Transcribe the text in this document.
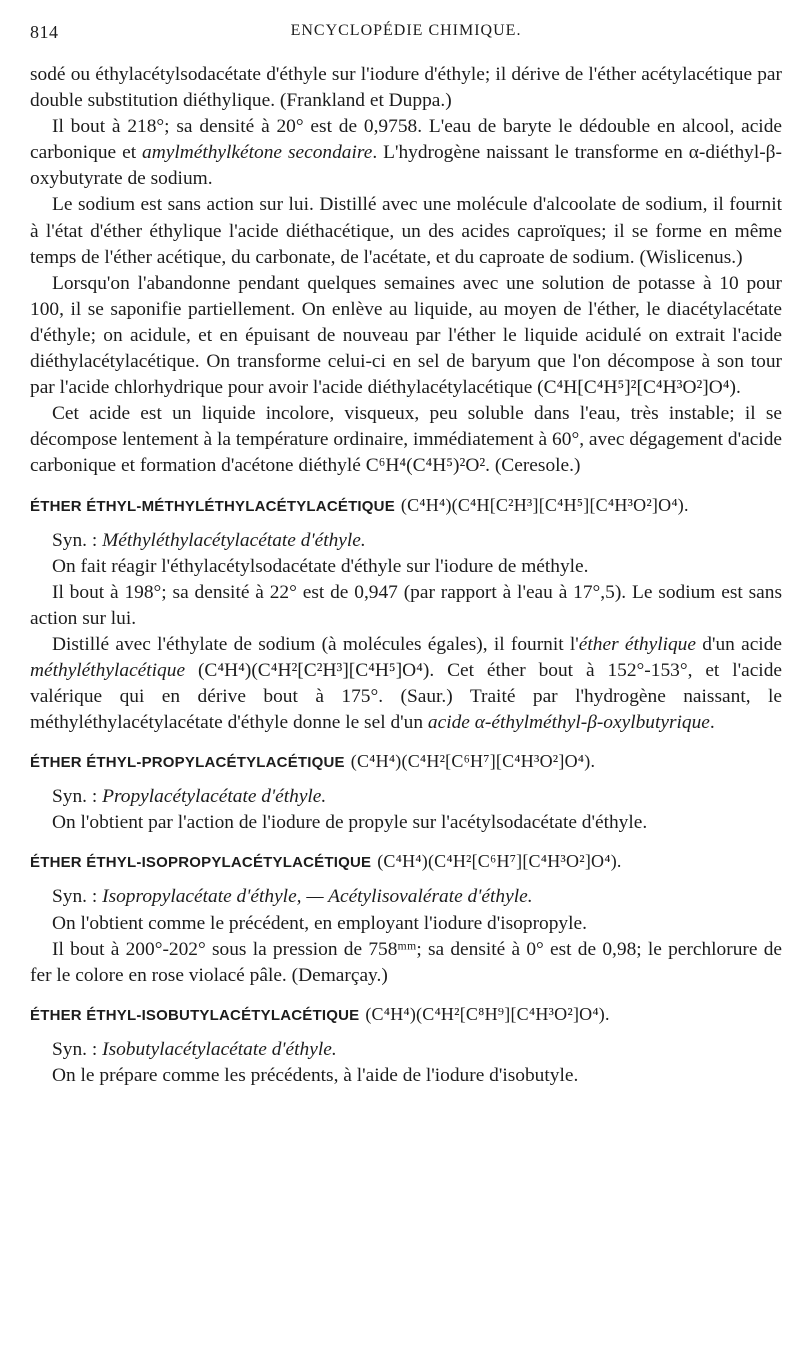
814	ENCYCLOPÉDIE CHIMIQUE.

sodé ou éthylacétylsodacétate d'éthyle sur l'iodure d'éthyle; il dérive de l'éther acétylacétique par double substitution diéthylique. (Frankland et Duppa.)

Il bout à 218°; sa densité à 20° est de 0,9758. L'eau de baryte le dédouble en alcool, acide carbonique et amylméthylkétone secondaire. L'hydrogène naissant le transforme en α-diéthyl-β-oxybutyrate de sodium.

Le sodium est sans action sur lui. Distillé avec une molécule d'alcoolate de sodium, il fournit à l'état d'éther éthylique l'acide diéthacétique, un des acides caproïques; il se forme en même temps de l'éther acétique, du carbonate, de l'acétate, et du caproate de sodium. (Wislicenus.)

Lorsqu'on l'abandonne pendant quelques semaines avec une solution de potasse à 10 pour 100, il se saponifie partiellement. On enlève au liquide, au moyen de l'éther, le diacétylacétate d'éthyle; on acidule, et en épuisant de nouveau par l'éther le liquide acidulé on extrait l'acide diéthylacétylacétique. On transforme celui-ci en sel de baryum que l'on décompose à son tour par l'acide chlorhydrique pour avoir l'acide diéthylacétylacétique (C⁴H[C⁴H⁵]²[C⁴H³O²]O⁴).

Cet acide est un liquide incolore, visqueux, peu soluble dans l'eau, très instable; il se décompose lentement à la température ordinaire, immédiatement à 60°, avec dégagement d'acide carbonique et formation d'acétone diéthylé C⁶H⁴(C⁴H⁵)²O². (Ceresole.)

ÉTHER ÉTHYL-MÉTHYLÉTHYLACÉTYLACÉTIQUE (C⁴H⁴)(C⁴H[C²H³][C⁴H⁵][C⁴H³O²]O⁴).

Syn. : Méthyléthylacétylacétate d'éthyle.

On fait réagir l'éthylacétylsodacétate d'éthyle sur l'iodure de méthyle.

Il bout à 198°; sa densité à 22° est de 0,947 (par rapport à l'eau à 17°,5). Le sodium est sans action sur lui.

Distillé avec l'éthylate de sodium (à molécules égales), il fournit l'éther éthylique d'un acide méthyléthylacétique (C⁴H⁴)(C⁴H²[C²H³][C⁴H⁵]O⁴). Cet éther bout à 152°-153°, et l'acide valérique qui en dérive bout à 175°. (Saur.) Traité par l'hydrogène naissant, le méthyléthylacétylacétate d'éthyle donne le sel d'un acide α-éthylméthyl-β-oxylbutyrique.

ÉTHER ÉTHYL-PROPYLACÉTYLACÉTIQUE (C⁴H⁴)(C⁴H²[C⁶H⁷][C⁴H³O²]O⁴).

Syn. : Propylacétylacétate d'éthyle.

On l'obtient par l'action de l'iodure de propyle sur l'acétylsodacétate d'éthyle.

ÉTHER ÉTHYL-ISOPROPYLACÉTYLACÉTIQUE (C⁴H⁴)(C⁴H²[C⁶H⁷][C⁴H³O²]O⁴).

Syn. : Isopropylacétate d'éthyle, — Acétylisovalérate d'éthyle.

On l'obtient comme le précédent, en employant l'iodure d'isopropyle.

Il bout à 200°-202° sous la pression de 758ᵐᵐ; sa densité à 0° est de 0,98; le perchlorure de fer le colore en rose violacé pâle. (Demarçay.)

ÉTHER ÉTHYL-ISOBUTYLACÉTYLACÉTIQUE (C⁴H⁴)(C⁴H²[C⁸H⁹][C⁴H³O²]O⁴).

Syn. : Isobutylacétylacétate d'éthyle.

On le prépare comme les précédents, à l'aide de l'iodure d'isobutyle.
